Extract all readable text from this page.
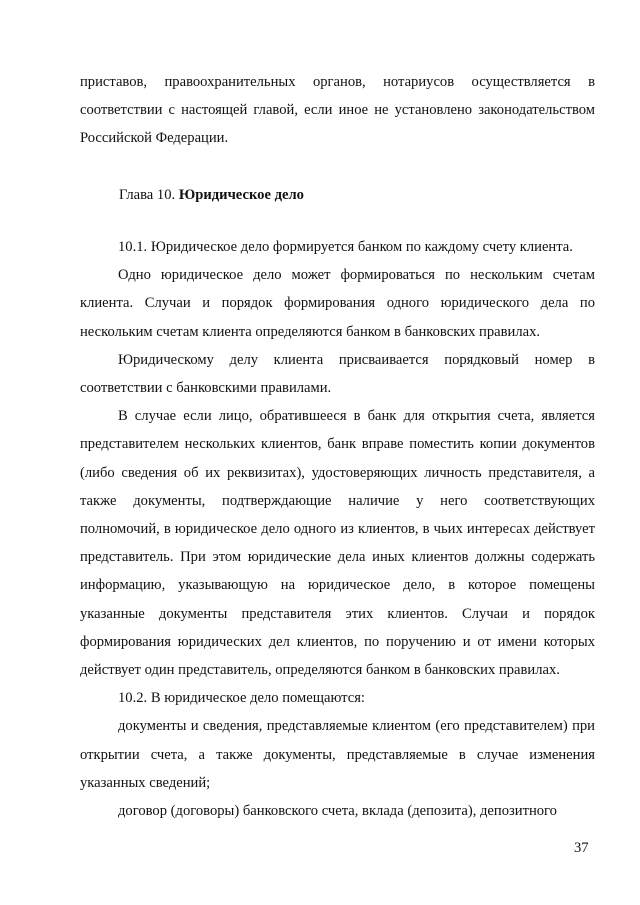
приставов, правоохранительных органов, нотариусов осуществляется в соответствии с настоящей главой, если иное не установлено законодательством Российской Федерации.

Глава 10. Юридическое дело

10.1. Юридическое дело формируется банком по каждому счету клиента.

Одно юридическое дело может формироваться по нескольким счетам клиента. Случаи и порядок формирования одного юридического дела по нескольким счетам клиента определяются банком в банковских правилах.

Юридическому делу клиента присваивается порядковый номер в соответствии с банковскими правилами.

В случае если лицо, обратившееся в банк для открытия счета, является представителем нескольких клиентов, банк вправе поместить копии документов (либо сведения об их реквизитах), удостоверяющих личность представителя, а также документы, подтверждающие наличие у него соответствующих полномочий, в юридическое дело одного из клиентов, в чьих интересах действует представитель. При этом юридические дела иных клиентов должны содержать информацию, указывающую на юридическое дело, в которое помещены указанные документы представителя этих клиентов. Случаи и порядок формирования юридических дел клиентов, по поручению и от имени которых действует один представитель, определяются банком в банковских правилах.

10.2. В юридическое дело помещаются:

документы и сведения, представляемые клиентом (его представителем) при открытии счета, а также документы, представляемые в случае изменения указанных сведений;

договор (договоры) банковского счета, вклада (депозита), депозитного

37
